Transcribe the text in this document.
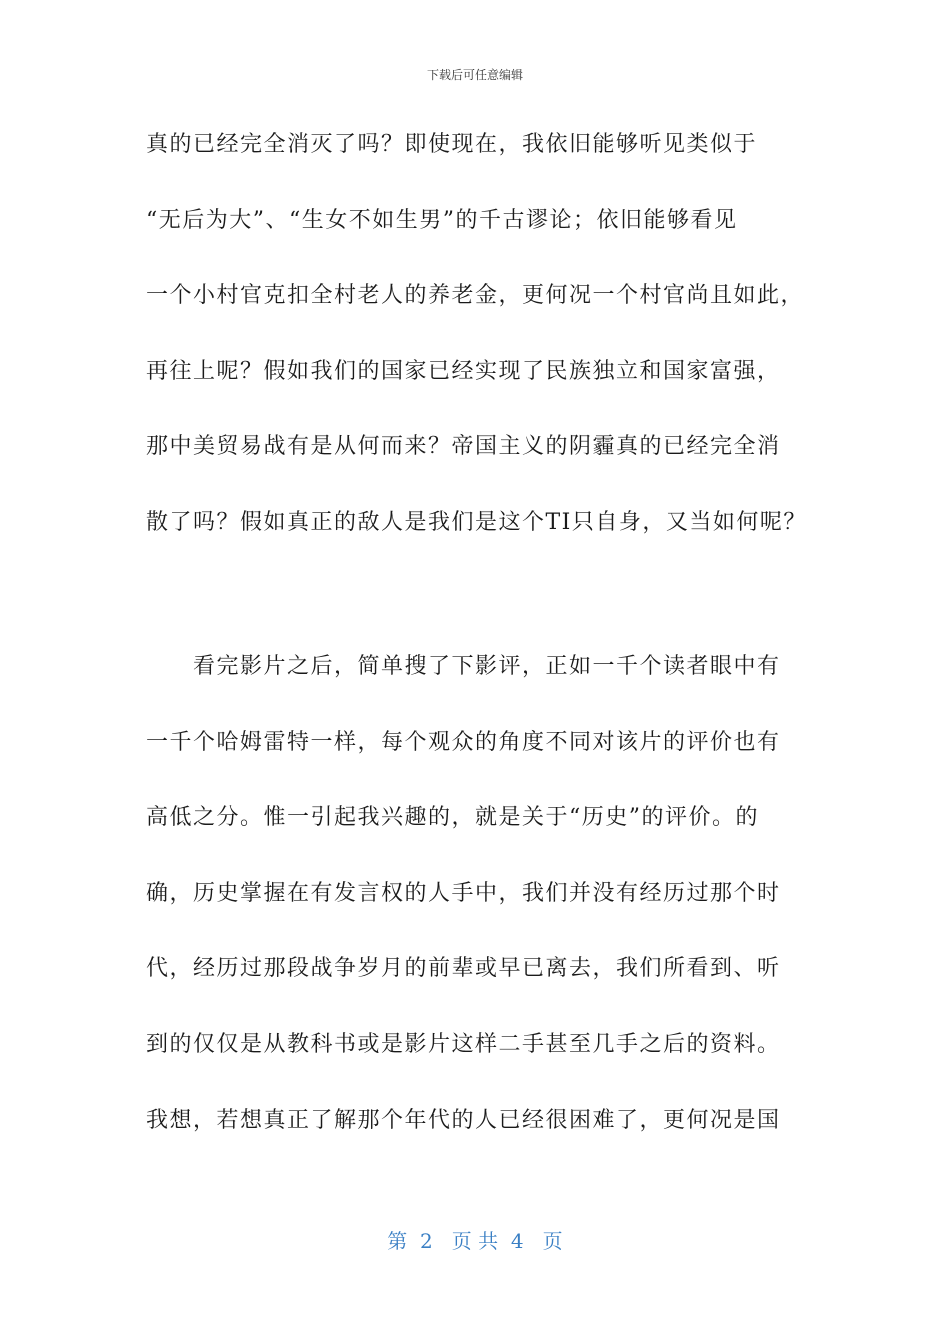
下载后可任意编辑
真的已经完全消灭了吗？即使现在，我依旧能够听见类似于
“无后为大”、“生女不如生男”的千古谬论；依旧能够看见
一个小村官克扣全村老人的养老金，更何况一个村官尚且如此，
再往上呢？假如我们的国家已经实现了民族独立和国家富强，
那中美贸易战有是从何而来？帝国主义的阴霾真的已经完全消
散了吗？假如真正的敌人是我们是这个TI只自身，又当如何呢？
　　看完影片之后，简单搜了下影评，正如一千个读者眼中有
一千个哈姆雷特一样，每个观众的角度不同对该片的评价也有
高低之分。惟一引起我兴趣的，就是关于“历史”的评价。的
确，历史掌握在有发言权的人手中，我们并没有经历过那个时
代，经历过那段战争岁月的前辈或早已离去，我们所看到、听
到的仅仅是从教科书或是影片这样二手甚至几手之后的资料。
我想，若想真正了解那个年代的人已经很困难了，更何况是国
第  2   页 共  4   页
